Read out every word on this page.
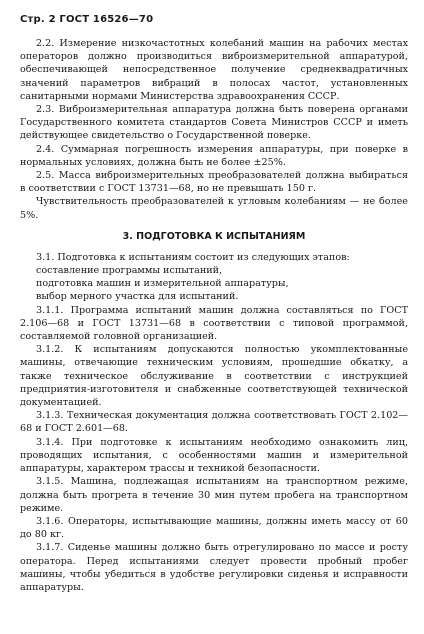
Стр. 2 ГОСТ 16526—70

2.2. Измерение низкочастотных колебаний машин на рабочих местах операторов должно производиться виброизмерительной аппаратурой, обеспечивающей непосредственное получение среднеквадратичных значений параметров вибраций в полосах частот, установленных санитарными нормами Министерства здравоохранения СССР.

2.3. Виброизмерительная аппаратура должна быть поверена органами Государственного комитета стандартов Совета Министров СССР и иметь действующее свидетельство о Государственной поверке.

2.4. Суммарная погрешность измерения аппаратуры, при поверке в нормальных условиях, должна быть не более ±25%.

2.5. Масса виброизмерительных преобразователей должна выбираться в соответствии с ГОСТ 13731—68, но не превышать 150 г.

Чувствительность преобразователей к угловым колебаниям — не более 5%.

3. ПОДГОТОВКА К ИСПЫТАНИЯМ

3.1. Подготовка к испытаниям состоит из следующих этапов:

составление программы испытаний,

подготовка машин и измерительной аппаратуры,

выбор мерного участка для испытаний.

3.1.1. Программа испытаний машин должна составляться по ГОСТ 2.106—68 и ГОСТ 13731—68 в соответствии с типовой программой, составляемой головной организацией.

3.1.2. К испытаниям допускаются полностью укомплектованные машины, отвечающие техническим условиям, прошедшие обкатку, а также техническое обслуживание в соответствии с инструкцией предприятия-изготовителя и снабженные соответствующей технической документацией.

3.1.3. Техническая документация должна соответствовать ГОСТ 2.102—68 и ГОСТ 2.601—68.

3.1.4. При подготовке к испытаниям необходимо ознакомить лиц, проводящих испытания, с особенностями машин и измерительной аппаратуры, характером трассы и техникой безопасности.

3.1.5. Машина, подлежащая испытаниям на транспортном режиме, должна быть прогрета в течение 30 мин путем пробега на транспортном режиме.

3.1.6. Операторы, испытывающие машины, должны иметь массу от 60 до 80 кг.

3.1.7. Сиденье машины должно быть отрегулировано по массе и росту оператора. Перед испытаниями следует провести пробный пробег машины, чтобы убедиться в удобстве регулировки сиденья и исправности аппаратуры.
